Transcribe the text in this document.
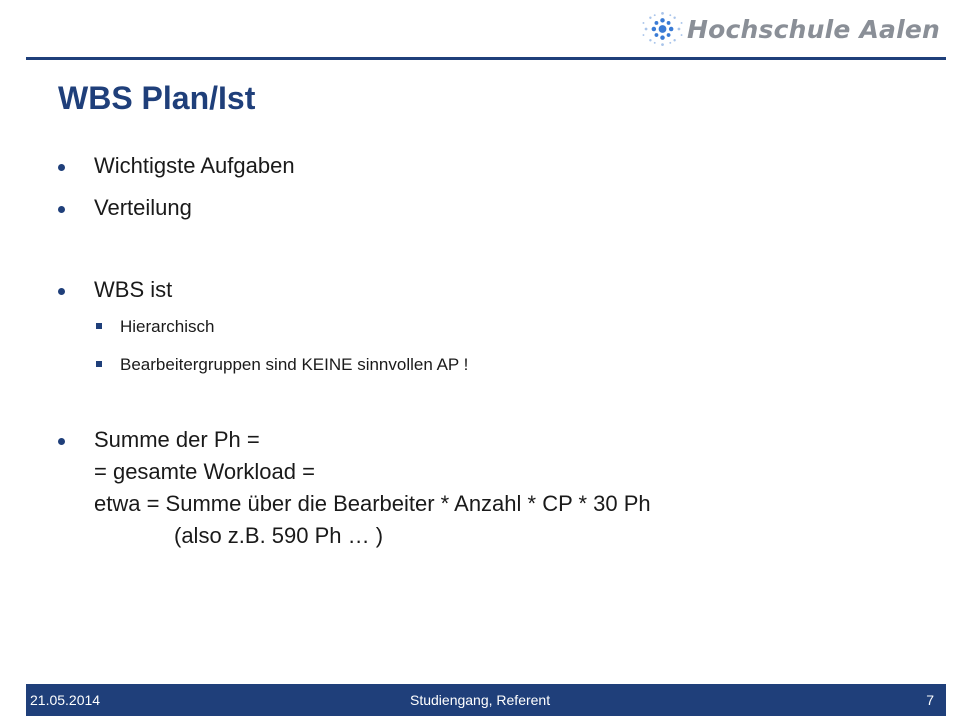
Hochschule Aalen
WBS Plan/Ist
Wichtigste Aufgaben
Verteilung
WBS ist
Hierarchisch
Bearbeitergruppen sind KEINE sinnvollen AP !
Summe der Ph =
= gesamte Workload =
etwa = Summe über die Bearbeiter * Anzahl * CP * 30 Ph
(also z.B. 590 Ph … )
21.05.2014	Studiengang, Referent	7
